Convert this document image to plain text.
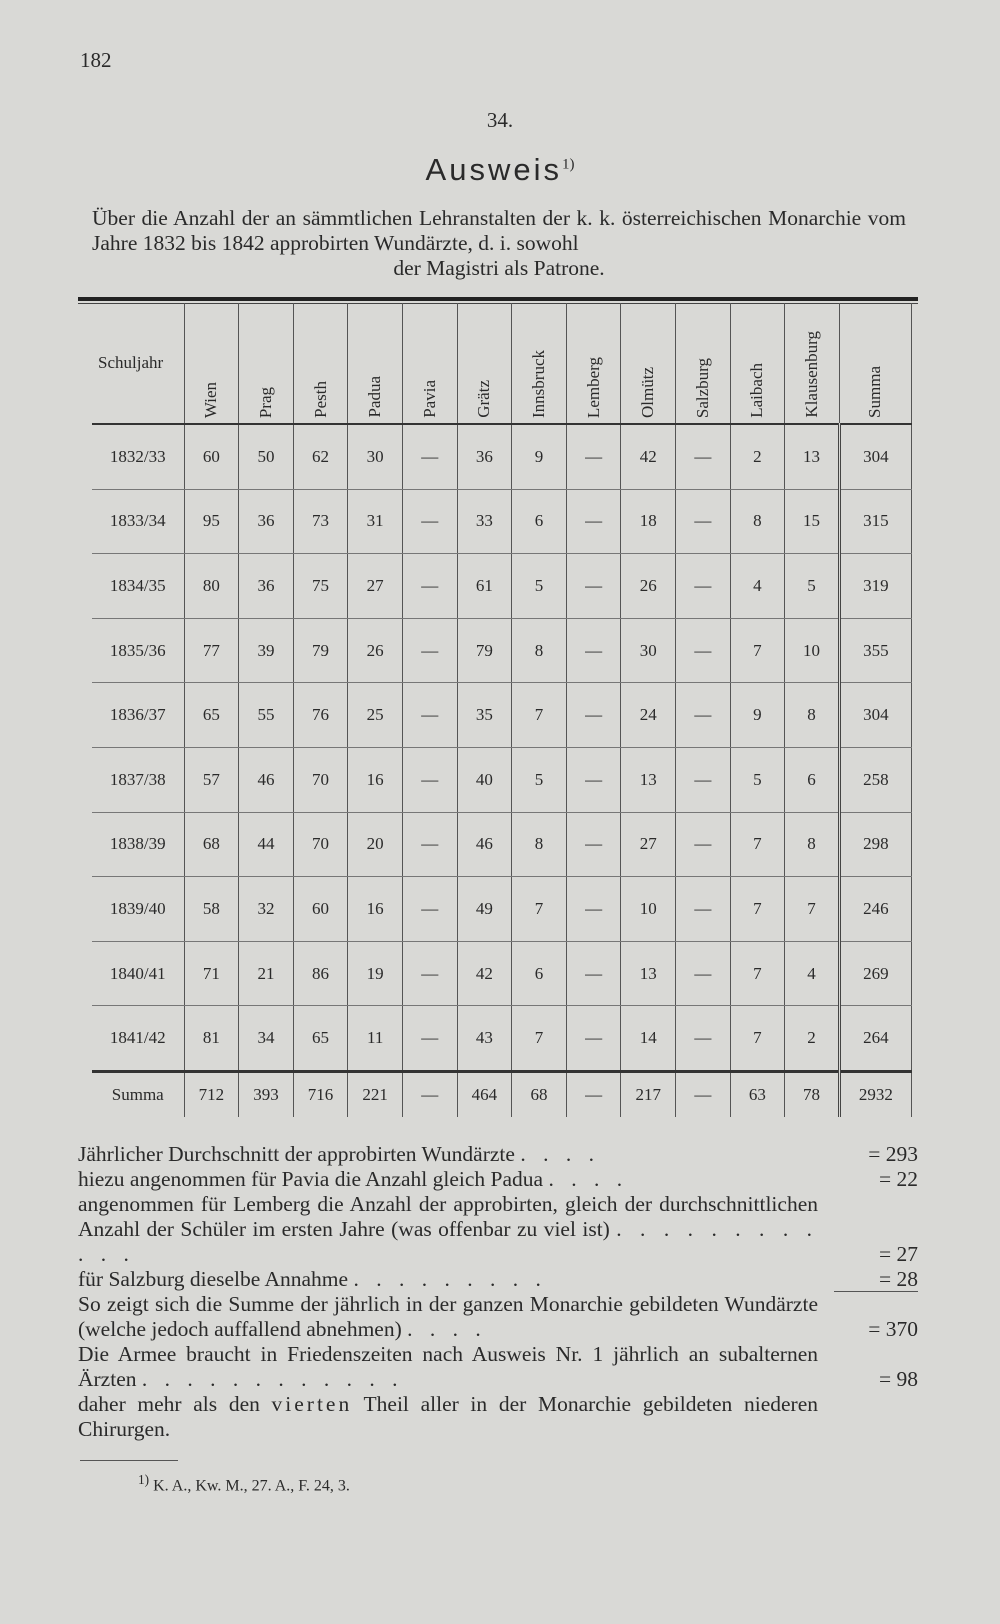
182
34.
Ausweis$^{1)}$
Über die Anzahl der an sämmtlichen Lehranstalten der k. k. österreichischen Monarchie vom Jahre 1832 bis 1842 approbirten Wundärzte, d. i. sowohl
der Magistri als Patrone.
Schuljahr	Wien	Prag	Pesth	Padua	Pavia	Grätz	Innsbruck	Lemberg	Olmütz	Salzburg	Laibach	Klausenburg	Summa
1832/33	60	50	62	30	—	36	9	—	42	—	2	13	304
1833/34	95	36	73	31	—	33	6	—	18	—	8	15	315
1834/35	80	36	75	27	—	61	5	—	26	—	4	5	319
1835/36	77	39	79	26	—	79	8	—	30	—	7	10	355
1836/37	65	55	76	25	—	35	7	—	24	—	9	8	304
1837/38	57	46	70	16	—	40	5	—	13	—	5	6	258
1838/39	68	44	70	20	—	46	8	—	27	—	7	8	298
1839/40	58	32	60	16	—	49	7	—	10	—	7	7	246
1840/41	71	21	86	19	—	42	6	—	13	—	7	4	269
1841/42	81	34	65	11	—	43	7	—	14	—	7	2	264
Summa	712	393	716	221	—	464	68	—	217	—	63	78	2932
Jährlicher Durchschnitt der approbirten Wundärzte . . . .	= 293
hiezu angenommen für Pavia die Anzahl gleich Padua . . . .	= 22
angenommen für Lemberg die Anzahl der approbirten, gleich der durchschnittlichen Anzahl der Schüler im ersten Jahre (was offenbar zu viel ist) . . . . . . . . . . . .	= 27
für Salzburg dieselbe Annahme . . . . . . . . .	= 28
So zeigt sich die Summe der jährlich in der ganzen Monarchie gebildeten Wundärzte (welche jedoch auffallend abnehmen) . . . .	= 370
Die Armee braucht in Friedenszeiten nach Ausweis Nr. 1 jährlich an subalternen Ärzten . . . . . . . . . . . .	= 98
daher mehr als den vierten Theil aller in der Monarchie gebildeten niederen Chirurgen.
$^{1)}$ K. A., Kw. M., 27. A., F. 24, 3.
